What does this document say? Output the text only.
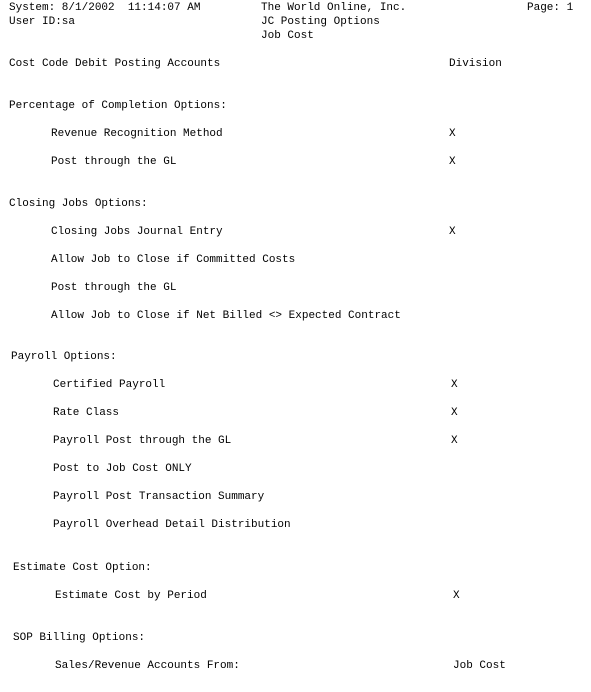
System: 8/1/2002  11:14:07 AM
User ID:sa
The World Online, Inc.
JC Posting Options
Job Cost
Page: 1
Cost Code Debit Posting Accounts	Division
Percentage of Completion Options:
Revenue Recognition Method	X
Post through the GL	X
Closing Jobs Options:
Closing Jobs Journal Entry	X
Allow Job to Close if Committed Costs
Post through the GL
Allow Job to Close if Net Billed <> Expected Contract
Payroll Options:
Certified Payroll	X
Rate Class	X
Payroll Post through the GL	X
Post to Job Cost ONLY
Payroll Post Transaction Summary
Payroll Overhead Detail Distribution
Estimate Cost Option:
Estimate Cost by Period	X
SOP Billing Options:
Sales/Revenue Accounts From:	Job Cost
